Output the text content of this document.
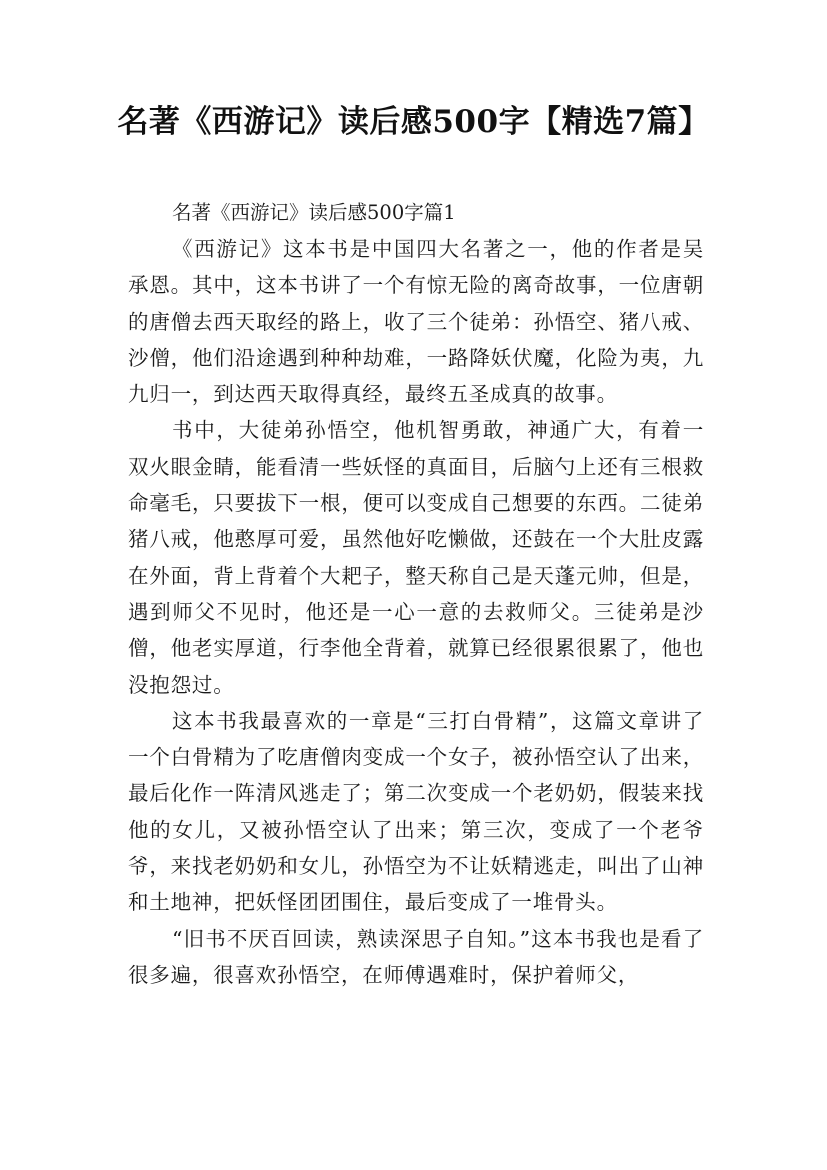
名著《西游记》读后感500字【精选7篇】

名著《西游记》读后感500字篇1

《西游记》这本书是中国四大名著之一，他的作者是吴承恩。其中，这本书讲了一个有惊无险的离奇故事，一位唐朝的唐僧去西天取经的路上，收了三个徒弟：孙悟空、猪八戒、沙僧，他们沿途遇到种种劫难，一路降妖伏魔，化险为夷，九九归一，到达西天取得真经，最终五圣成真的故事。

书中，大徒弟孙悟空，他机智勇敢，神通广大，有着一双火眼金睛，能看清一些妖怪的真面目，后脑勺上还有三根救命毫毛，只要拔下一根，便可以变成自己想要的东西。二徒弟猪八戒，他憨厚可爱，虽然他好吃懒做，还鼓在一个大肚皮露在外面，背上背着个大耙子，整天称自己是天蓬元帅，但是，遇到师父不见时，他还是一心一意的去救师父。三徒弟是沙僧，他老实厚道，行李他全背着，就算已经很累很累了，他也没抱怨过。

这本书我最喜欢的一章是“三打白骨精”，这篇文章讲了一个白骨精为了吃唐僧肉变成一个女子，被孙悟空认了出来，最后化作一阵清风逃走了；第二次变成一个老奶奶，假装来找他的女儿，又被孙悟空认了出来；第三次，变成了一个老爷爷，来找老奶奶和女儿，孙悟空为不让妖精逃走，叫出了山神和土地神，把妖怪团团围住，最后变成了一堆骨头。

“旧书不厌百回读，熟读深思子自知。”这本书我也是看了很多遍，很喜欢孙悟空，在师傅遇难时，保护着师父，
